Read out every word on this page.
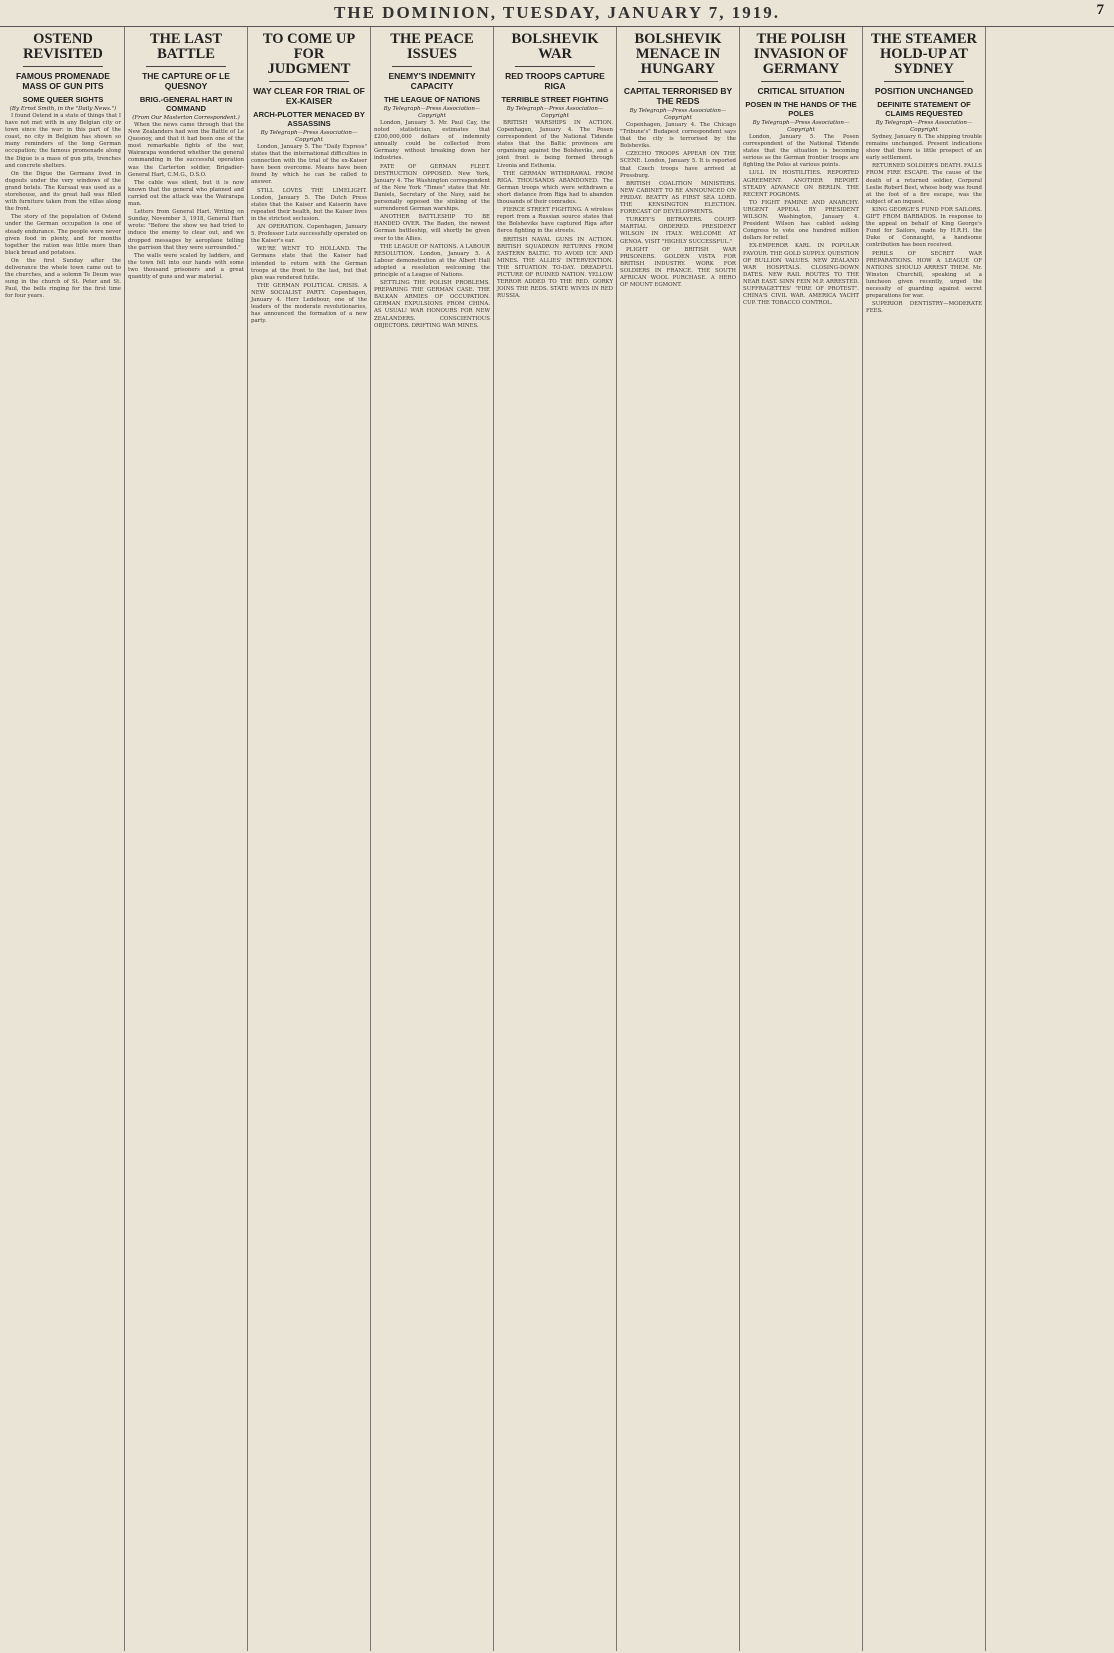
THE DOMINION, TUESDAY, JANUARY 7, 1919.	7
OSTEND REVISITED
FAMOUS PROMENADE MASS OF GUN PITS
SOME QUEER SIGHTS
(By Ernst Smith, in the "Daily News.")

I found Ostend in a state of things that I have not met with in any Belgian city or town since the war: in this part of the coast, no city in Belgium has shown so many reminders of the long German occupation; the famous promenade along the Digue is a mass of gun pits, trenches and concrete shelters.

On the Digue the Germans lived in dugouts under the very windows of the grand hotels. The Kursaal was used as a storehouse, and its great hall was filled with furniture taken from the villas along the front.

The story of the population of Ostend under the German occupation is one of steady endurance. The people were never given food in plenty, and for months together the ration was little more than black bread and potatoes.

On the first Sunday after the deliverance the whole town came out to the churches, and a solemn Te Deum was sung in the church of St. Peter and St. Paul, the bells ringing for the first time for four years.

THE LAST BATTLE
THE CAPTURE OF LE QUESNOY
BRIG.-GENERAL HART IN COMMAND
(From Our Masterton Correspondent.)

When the news came through that the New Zealanders had won the Battle of Le Quesnoy, and that it had been one of the most remarkable fights of the war, Wairarapa wondered whether the general commanding in the successful operation was the Carterton soldier, Brigadier-General Hart, C.M.G., D.S.O.

The cable was silent, but it is now known that the general who planned and carried out the attack was the Wairarapa man.

Letters from General Hart. Writing on Sunday, November 3, 1918, General Hart wrote: "Before the show we had tried to induce the enemy to clear out, and we dropped messages by aeroplane telling the garrison that they were surrounded."

The walls were scaled by ladders, and the town fell into our hands with some two thousand prisoners and a great quantity of guns and war material.

TO COME UP FOR JUDGMENT
WAY CLEAR FOR TRIAL OF EX-KAISER
ARCH-PLOTTER MENACED BY ASSASSINS
By Telegraph—Press Association—Copyright

London, January 5. The "Daily Express" states that the international difficulties in connection with the trial of the ex-Kaiser have been overcome. Means have been found by which he can be called to answer.

STILL LOVES THE LIMELIGHT. London, January 5. The Dutch Press states that the Kaiser and Kaiserin have repeated their health, but the Kaiser lives in the strictest seclusion.

AN OPERATION. Copenhagen, January 5. Professor Lutz successfully operated on the Kaiser's ear.

WE'RE WENT TO HOLLAND. The Germans state that the Kaiser had intended to return with the German troops at the front to the last, but that plan was rendered futile.

THE GERMAN POLITICAL CRISIS. A NEW SOCIALIST PARTY. Copenhagen, January 4. Herr Ledebour, one of the leaders of the moderate revolutionaries, has announced the formation of a new party.

THE PEACE ISSUES
ENEMY'S INDEMNITY CAPACITY
THE LEAGUE OF NATIONS
By Telegraph—Press Association—Copyright

London, January 5. Mr. Paul Cay, the noted statistician, estimates that £200,000,000 dollars of indemnity annually could be collected from Germany without breaking down her industries.

FATE OF GERMAN FLEET. DESTRUCTION OPPOSED. New York, January 4. The Washington correspondent of the New York "Times" states that Mr. Daniels, Secretary of the Navy, said he personally opposed the sinking of the surrendered German warships.

ANOTHER BATTLESHIP TO BE HANDED OVER. The Baden, the newest German battleship, will shortly be given over to the Allies.

THE LEAGUE OF NATIONS. A LABOUR RESOLUTION. London, January 5. A Labour demonstration at the Albert Hall adopted a resolution welcoming the principle of a League of Nations.

SETTLING THE POLISH PROBLEMS. PREPARING THE GERMAN CASE. THE BALKAN ARMIES OF OCCUPATION. GERMAN EXPULSIONS FROM CHINA. AS USUAL! WAR HONOURS FOR NEW ZEALANDERS. CONSCIENTIOUS OBJECTORS. DRIFTING WAR MINES.

BOLSHEVIK WAR
RED TROOPS CAPTURE RIGA
TERRIBLE STREET FIGHTING
By Telegraph—Press Association—Copyright

BRITISH WARSHIPS IN ACTION. Copenhagen, January 4. The Posen correspondent of the National Tidende states that the Baltic provinces are organising against the Bolsheviks, and a joint front is being formed through Livonia and Esthonia.

THE GERMAN WITHDRAWAL FROM RIGA. THOUSANDS ABANDONED. The German troops which were withdrawn a short distance from Riga had to abandon thousands of their comrades.

FIERCE STREET FIGHTING. A wireless report from a Russian source states that the Bolsheviks have captured Riga after fierce fighting in the streets.

BRITISH NAVAL GUNS IN ACTION. BRITISH SQUADRON RETURNS FROM EASTERN BALTIC. TO AVOID ICE AND MINES. THE ALLIES' INTERVENTION. THE SITUATION TO-DAY. DREADFUL PICTURE OF RUINED NATION. YELLOW TERROR ADDED TO THE RED. GORKY JOINS THE REDS. STATE WIVES IN RED RUSSIA.

BOLSHEVIK MENACE IN HUNGARY
CAPITAL TERRORISED BY THE REDS
By Telegraph—Press Association—Copyright

Copenhagen, January 4. The Chicago "Tribune's" Budapest correspondent says that the city is terrorised by the Bolsheviks.

CZECHO TROOPS APPEAR ON THE SCENE. London, January 5. It is reported that Czech troops have arrived at Pressburg.

BRITISH COALITION MINISTERS. NEW CABINET TO BE ANNOUNCED ON FRIDAY. BEATTY AS FIRST SEA LORD. THE KENSINGTON ELECTION. FORECAST OF DEVELOPMENTS.

TURKEY'S BETRAYERS. COURT-MARTIAL ORDERED. PRESIDENT WILSON IN ITALY. WELCOME AT GENOA. VISIT "HIGHLY SUCCESSFUL."

PLIGHT OF BRITISH WAR PRISONERS. GOLDEN VISTA FOR BRITISH INDUSTRY. WORK FOR SOLDIERS IN FRANCE. THE SOUTH AFRICAN WOOL PURCHASE. A HERO OF MOUNT EGMONT.

THE POLISH INVASION OF GERMANY
CRITICAL SITUATION
POSEN IN THE HANDS OF THE POLES
By Telegraph—Press Association—Copyright

London, January 5. The Posen correspondent of the National Tidende states that the situation is becoming serious as the German frontier troops are fighting the Poles at various points.

LULL IN HOSTILITIES. REPORTED AGREEMENT. ANOTHER REPORT. STEADY ADVANCE ON BERLIN. THE RECENT POGROMS.

TO FIGHT FAMINE AND ANARCHY. URGENT APPEAL BY PRESIDENT WILSON. Washington, January 4. President Wilson has cabled asking Congress to vote one hundred million dollars for relief.

EX-EMPEROR KARL IN POPULAR FAVOUR. THE GOLD SUPPLY. QUESTION OF BULLION VALUES. NEW ZEALAND WAR HOSPITALS. CLOSING-DOWN DATES. NEW RAIL ROUTES TO THE NEAR EAST. SINN FEIN M.P. ARRESTED. SUFFRAGETTES' "FIRE OF PROTEST". CHINA'S CIVIL WAR. AMERICA YACHT CUP. THE TOBACCO CONTROL.

THE STEAMER HOLD-UP AT SYDNEY
POSITION UNCHANGED
DEFINITE STATEMENT OF CLAIMS REQUESTED
By Telegraph—Press Association—Copyright

Sydney, January 6. The shipping trouble remains unchanged. Present indications show that there is little prospect of an early settlement.

RETURNED SOLDIER'S DEATH. FALLS FROM FIRE ESCAPE. The cause of the death of a returned soldier, Corporal Leslie Robert Best, whose body was found at the foot of a fire escape, was the subject of an inquest.

KING GEORGE'S FUND FOR SAILORS. GIFT FROM BARBADOS. In response to the appeal on behalf of King George's Fund for Sailors, made by H.R.H. the Duke of Connaught, a handsome contribution has been received.

PERILS OF SECRET WAR PREPARATIONS. HOW A LEAGUE OF NATIONS SHOULD ARREST THEM. Mr. Winston Churchill, speaking at a luncheon given recently, urged the necessity of guarding against secret preparations for war.

SUPERIOR DENTISTRY—MODERATE FEES.
